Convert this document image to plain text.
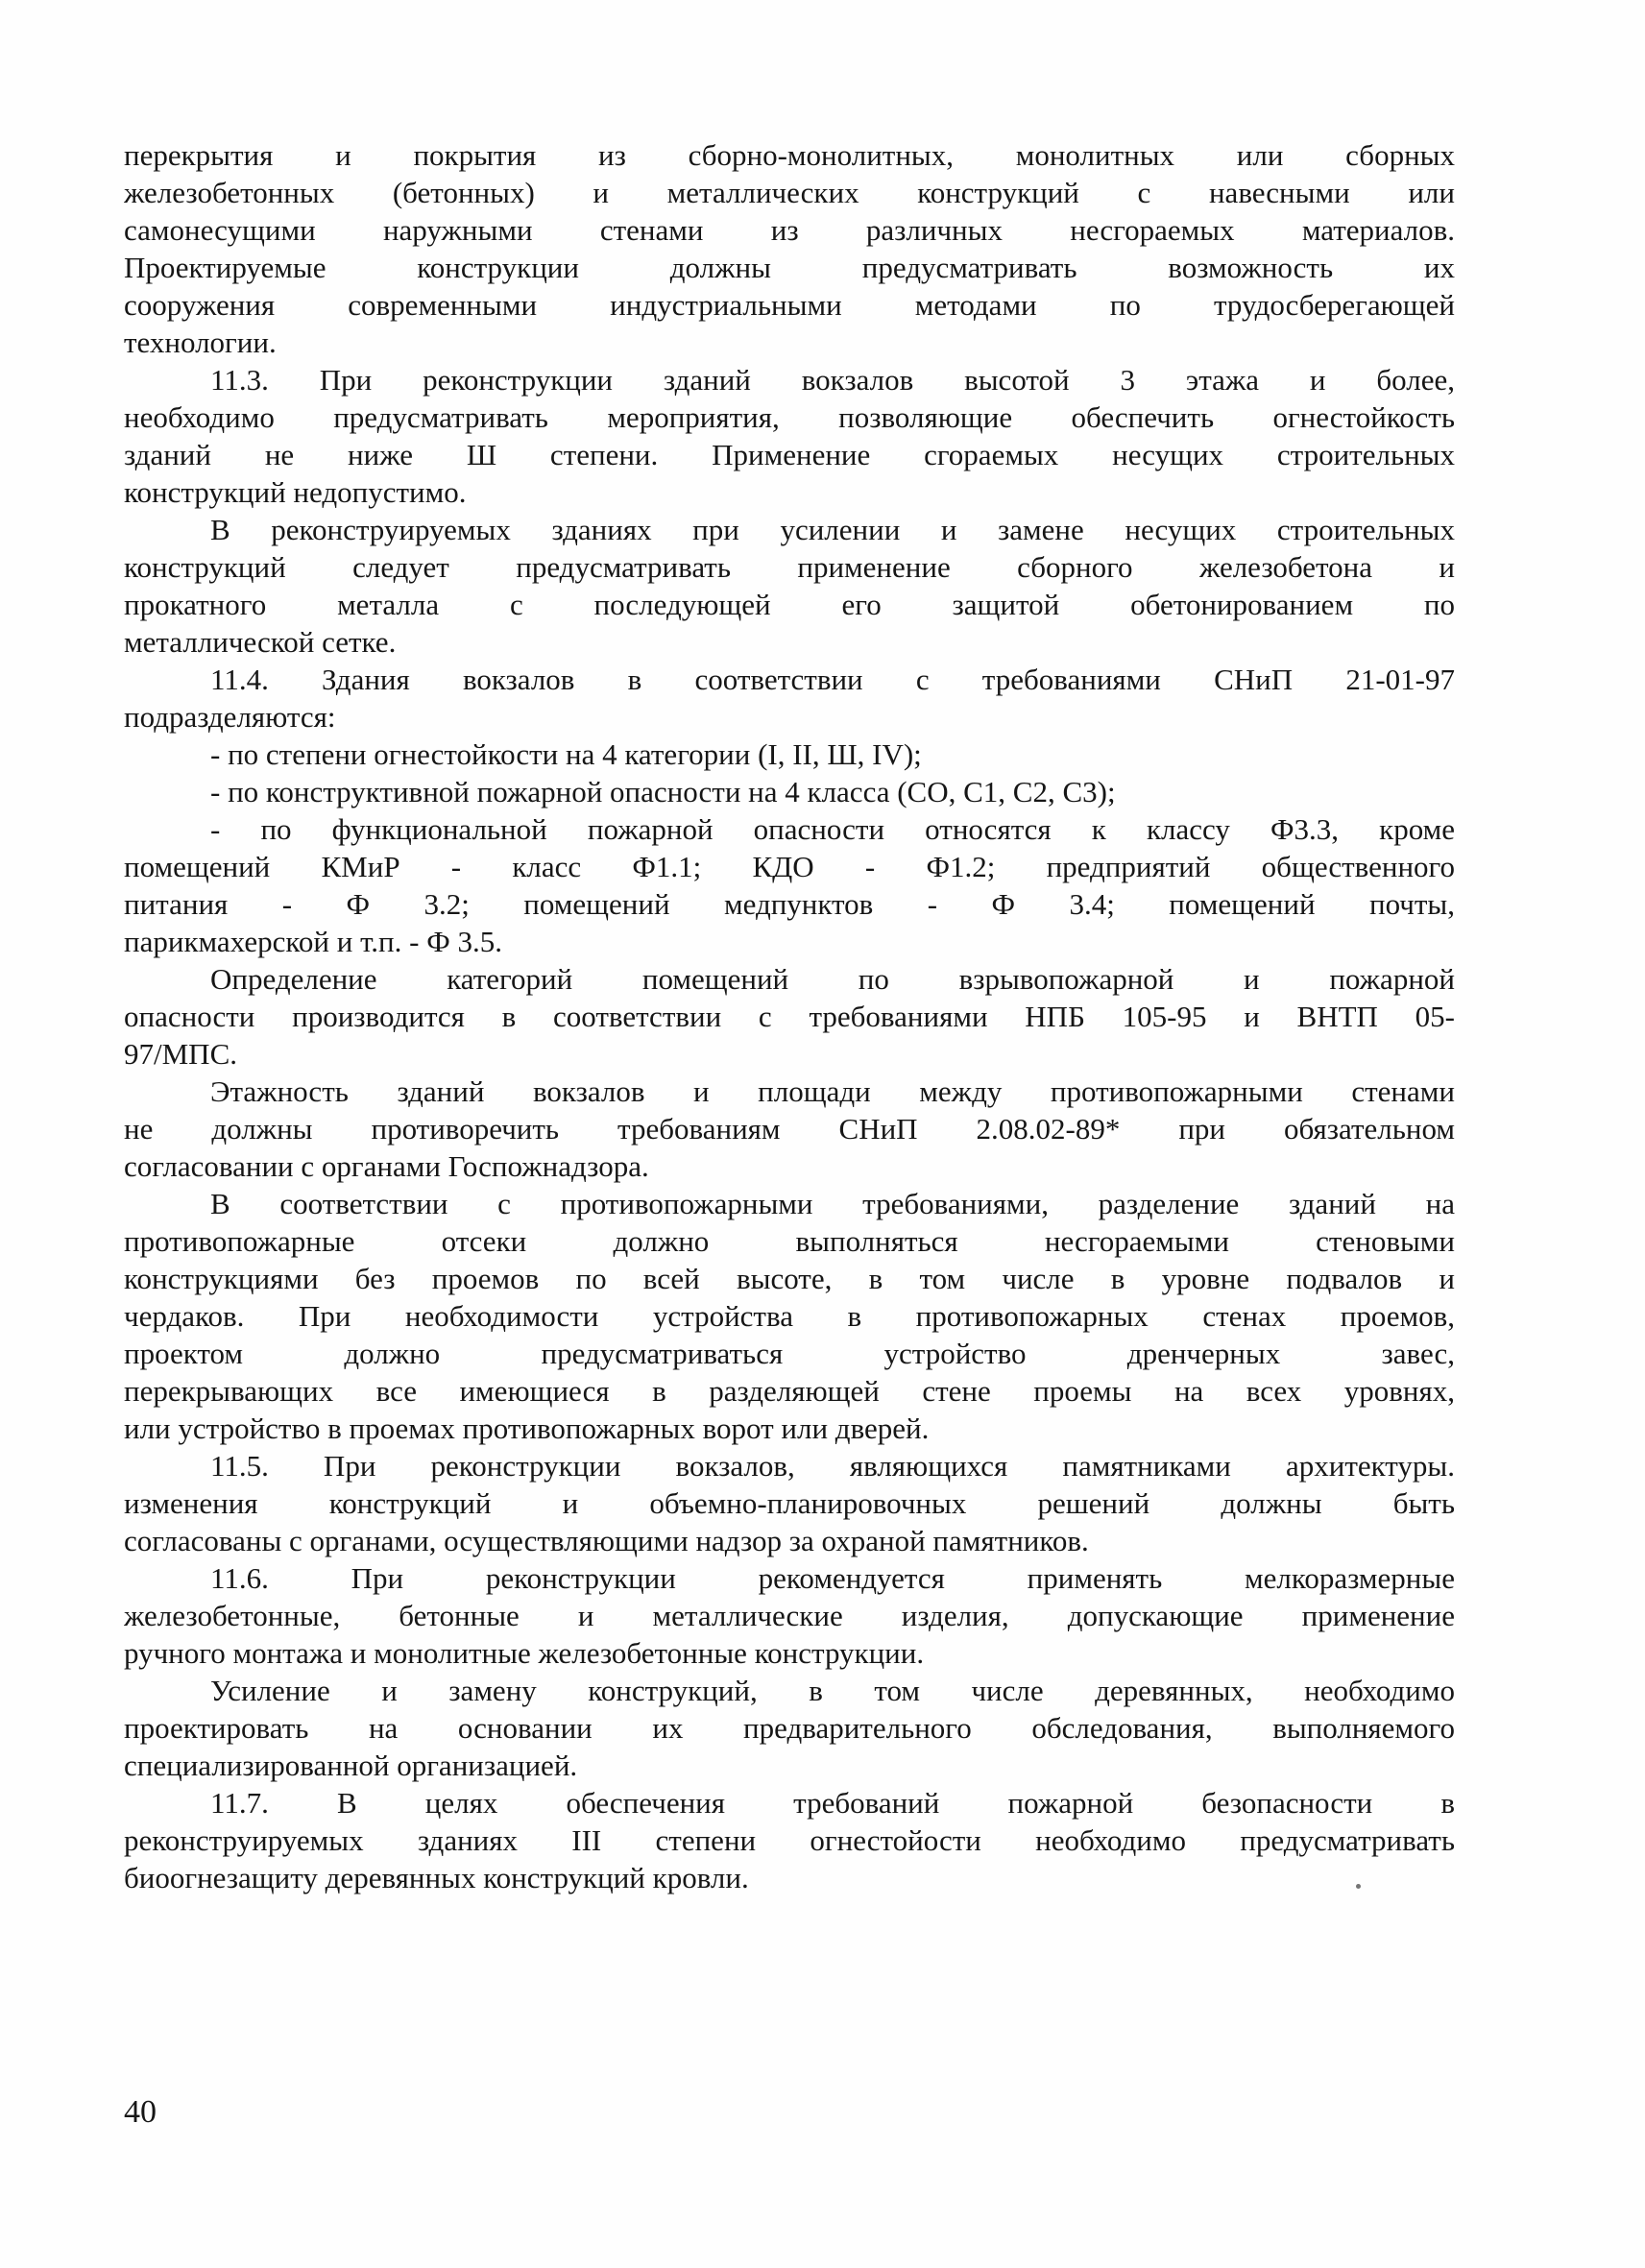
перекрытия и покрытия из сборно-монолитных, монолитных или сборных
железобетонных (бетонных) и металлических конструкций с навесными или
самонесущими наружными стенами из различных несгораемых материалов.
Проектируемые конструкции должны предусматривать возможность их
сооружения современными индустриальными методами по трудосберегающей
технологии.
11.3. При реконструкции зданий вокзалов высотой 3 этажа и более,
необходимо предусматривать мероприятия, позволяющие обеспечить огнестойкость
зданий не ниже Ш степени. Применение сгораемых несущих строительных
конструкций недопустимо.
В реконструируемых зданиях при усилении и замене несущих строительных
конструкций следует предусматривать применение сборного железобетона и
прокатного металла с последующей его защитой обетонированием по
металлической сетке.
11.4. Здания вокзалов в соответствии с требованиями СНиП 21-01-97
подразделяются:
- по степени огнестойкости на 4 категории (I, II, Ш, IV);
- по конструктивной пожарной опасности на 4 класса (СО, С1, С2, С3);
- по функциональной пожарной опасности относятся к классу Ф3.3, кроме
помещений КМиР - класс Ф1.1; КДО - Ф1.2; предприятий общественного
питания - Ф 3.2; помещений медпунктов - Ф 3.4; помещений почты,
парикмахерской и т.п. - Ф 3.5.
Определение категорий помещений по взрывопожарной и пожарной
опасности производится в соответствии с требованиями НПБ 105-95 и ВНТП 05-
97/МПС.
Этажность зданий вокзалов и площади между противопожарными стенами
не должны противоречить требованиям СНиП 2.08.02-89* при обязательном
согласовании с органами Госпожнадзора.
В соответствии с противопожарными требованиями, разделение зданий на
противопожарные отсеки должно выполняться несгораемыми стеновыми
конструкциями без проемов по всей высоте, в том числе в уровне подвалов и
чердаков. При необходимости устройства в противопожарных стенах проемов,
проектом должно предусматриваться устройство дренчерных завес,
перекрывающих все имеющиеся в разделяющей стене проемы на всех уровнях,
или устройство в проемах противопожарных ворот или дверей.
11.5. При реконструкции вокзалов, являющихся памятниками архитектуры.
изменения конструкций и объемно-планировочных решений должны быть
согласованы с органами, осуществляющими надзор за охраной памятников.
11.6. При реконструкции рекомендуется применять мелкоразмерные
железобетонные, бетонные и металлические изделия, допускающие применение
ручного монтажа и монолитные железобетонные конструкции.
Усиление и замену конструкций, в том числе деревянных, необходимо
проектировать на основании их предварительного обследования, выполняемого
специализированной организацией.
11.7. В целях обеспечения требований пожарной безопасности в
реконструируемых зданиях III степени огнестойости необходимо предусматривать
биоогнезащиту деревянных конструкций кровли.
40
